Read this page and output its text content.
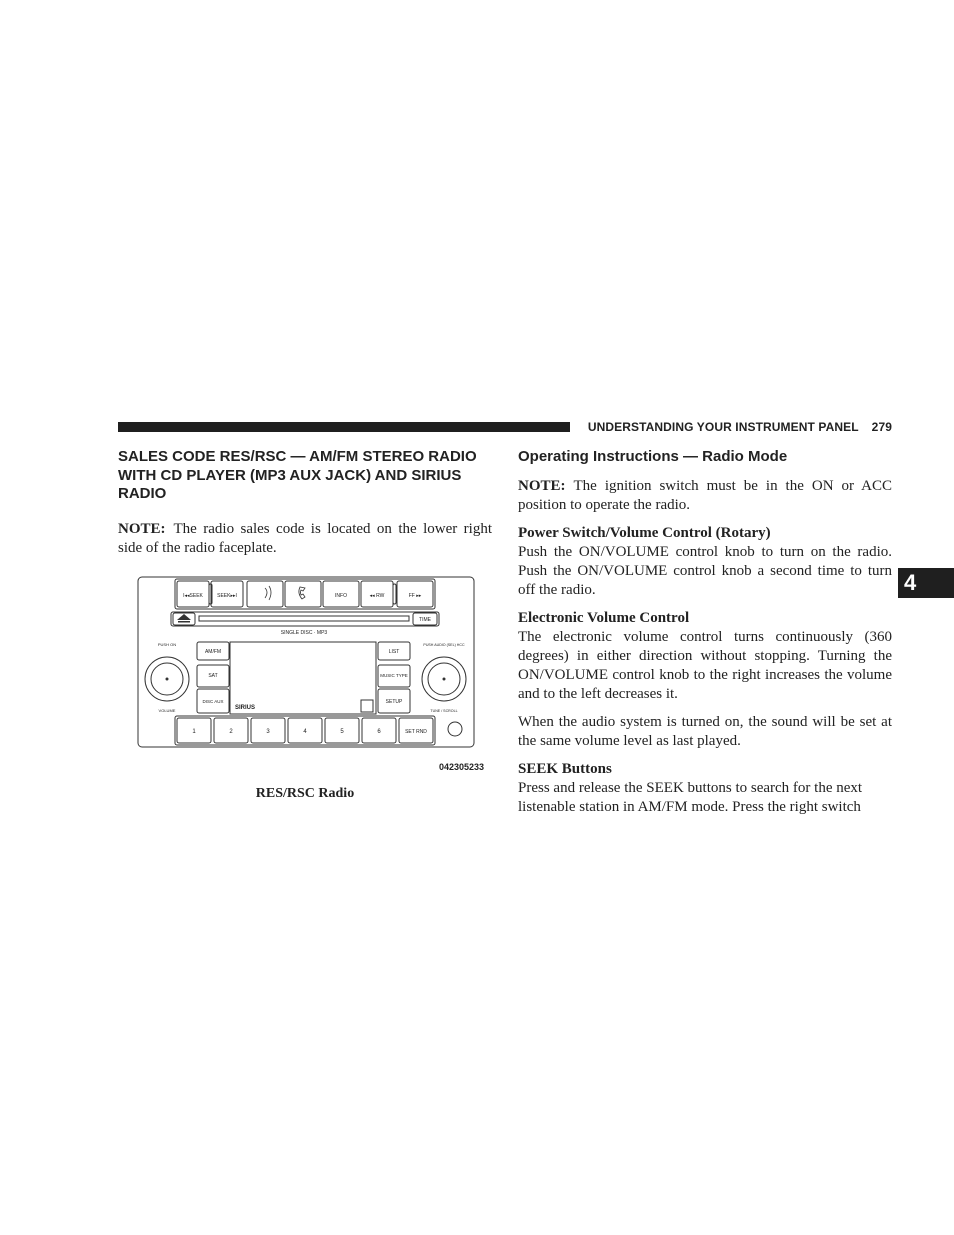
UNDERSTANDING YOUR INSTRUMENT PANEL 279
4
SALES CODE RES/RSC — AM/FM STEREO RADIO WITH CD PLAYER (MP3 AUX JACK) AND SIRIUS RADIO

NOTE: The radio sales code is located on the lower right side of the radio faceplate.

I◂◂SEEK	SEEK▸▸I	INFO	◂◂ RW	FF ▸▸
TIME
SINGLE DISC · MP3
PUSH ON
VOLUME
PUSH AUDIO (SEL) HCC
TUNE / SCROLL
AM/FM
SAT
DISC AUX
LIST
MUSIC TYPE
SETUP
SIRIUS
1	2	3	4	5	6	SET RND
042305233
RES/RSC Radio
Operating Instructions — Radio Mode

NOTE: The ignition switch must be in the ON or ACC position to operate the radio.

Power Switch/Volume Control (Rotary)

Push the ON/VOLUME control knob to turn on the radio. Push the ON/VOLUME control knob a second time to turn off the radio.

Electronic Volume Control

The electronic volume control turns continuously (360 degrees) in either direction without stopping. Turning the ON/VOLUME control knob to the right increases the volume and to the left decreases it.

When the audio system is turned on, the sound will be set at the same volume level as last played.

SEEK Buttons

Press and release the SEEK buttons to search for the next listenable station in AM/FM mode. Press the right switch
